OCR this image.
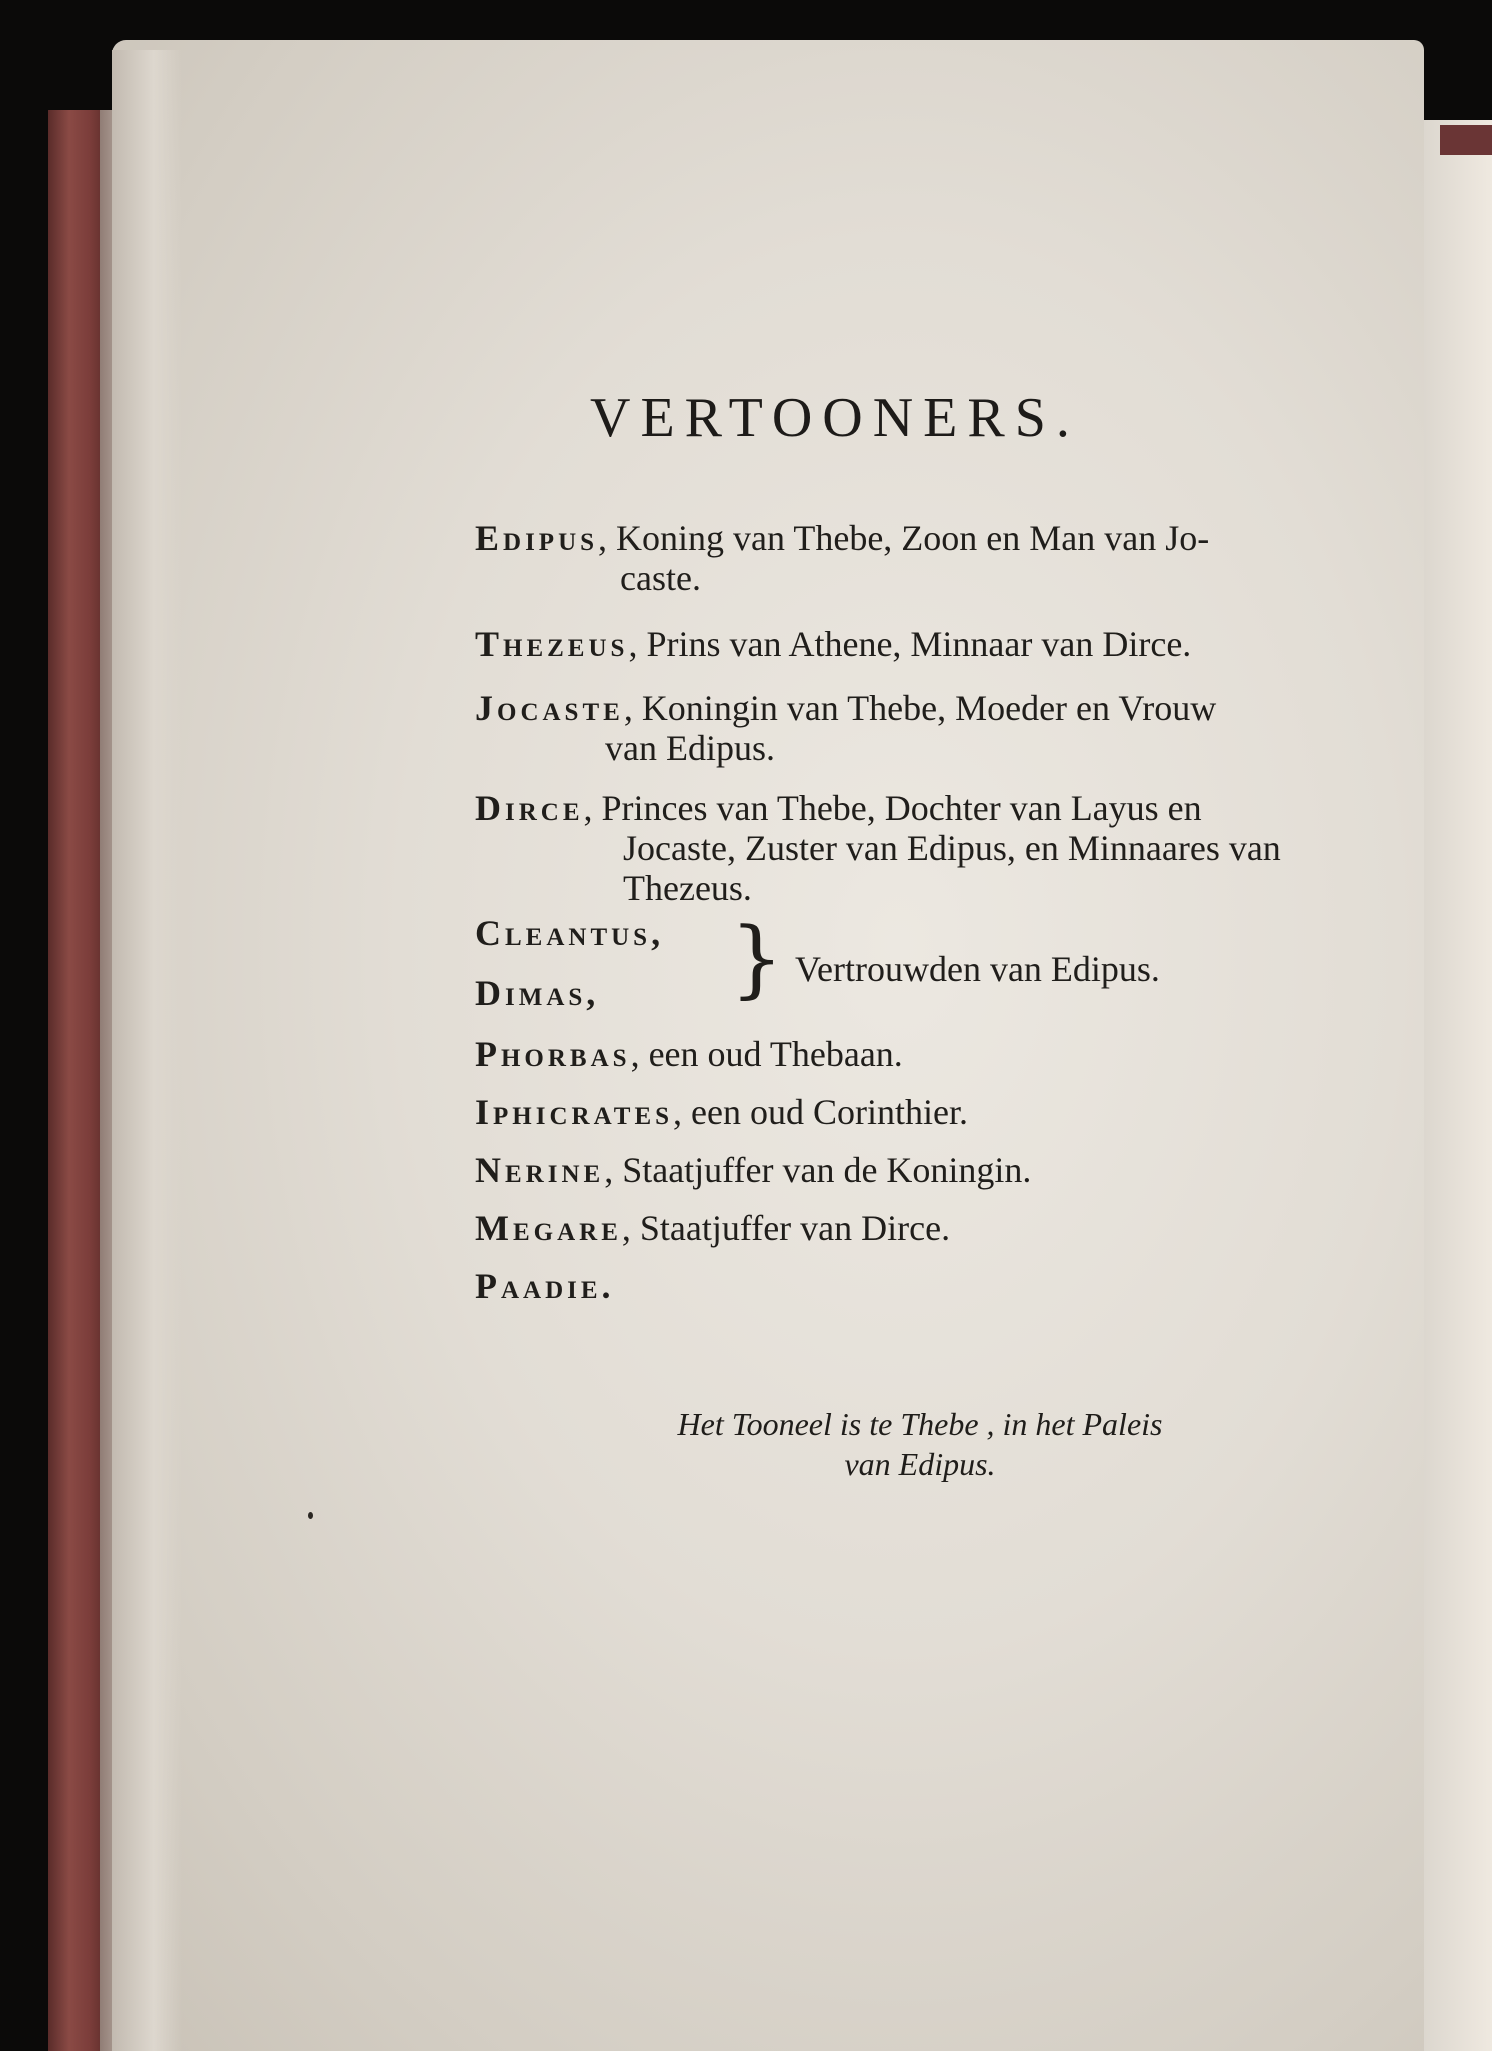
VERTOONERS.
Edipus, Koning van Thebe, Zoon en Man van Jo-
caste.
Thezeus, Prins van Athene, Minnaar van Dirce.
Jocaste, Koningin van Thebe, Moeder en Vrouw
van Edipus.
Dirce, Princes van Thebe, Dochter van Layus en
Jocaste, Zuster van Edipus, en Minnaares van
Thezeus.
Cleantus,
Dimas, } Vertrouwden van Edipus.
Phorbas, een oud Thebaan.
Iphicrates, een oud Corinthier.
Nerine, Staatjuffer van de Koningin.
Megare, Staatjuffer van Dirce.
Paadie.
Het Tooneel is te Thebe , in het Paleis
van Edipus.
